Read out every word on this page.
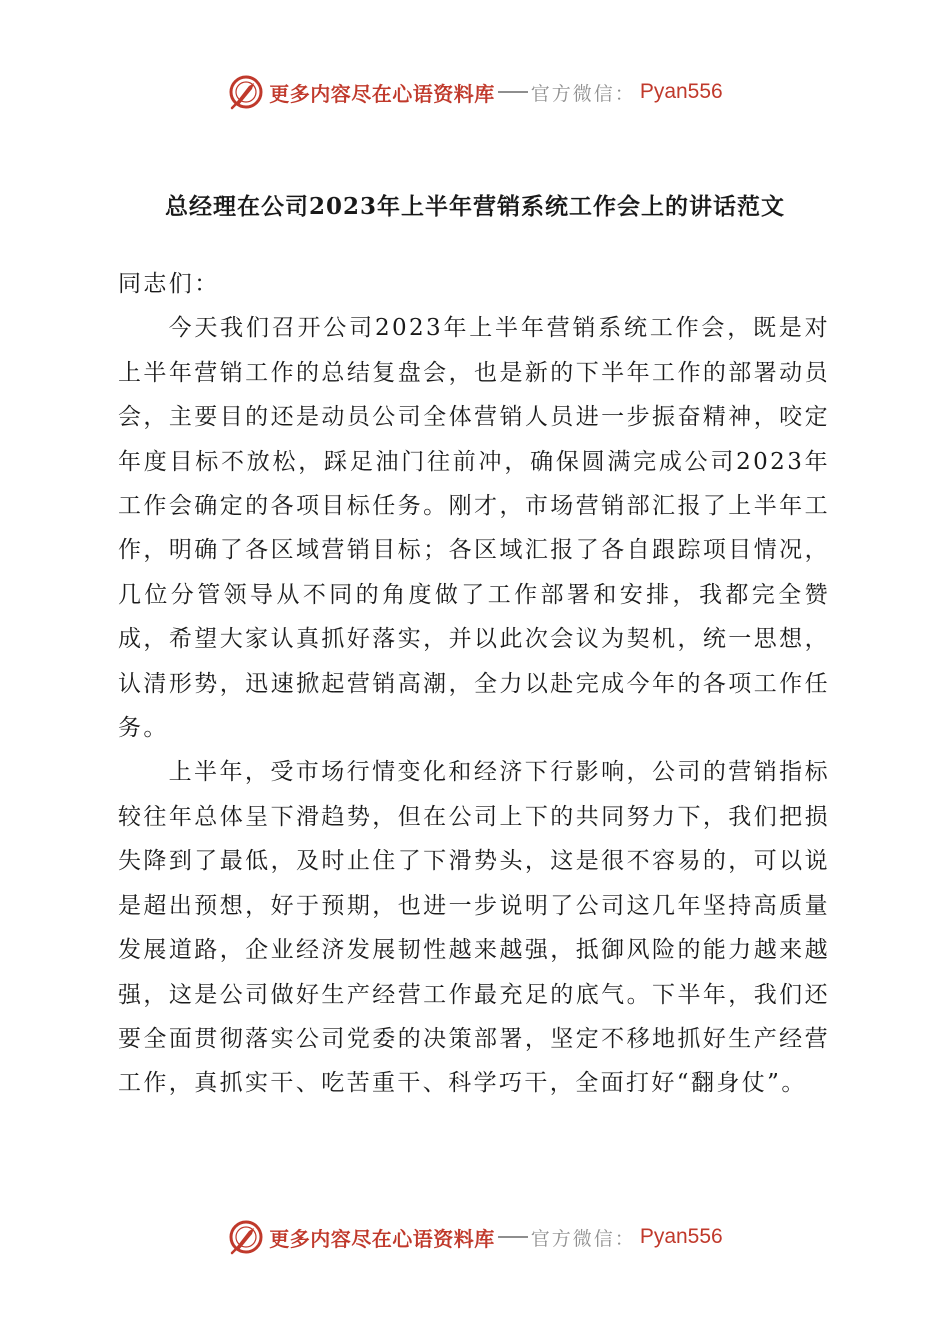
更多内容尽在心语资料库 官方微信 ： Pyan556
总经理在公司2023年上半年营销系统工作会上的讲话范文

同志们：

今天我们召开公司2023年上半年营销系统工作会，既是对上半年营销工作的总结复盘会，也是新的下半年工作的部署动员会，主要目的还是动员公司全体营销人员进一步振奋精神，咬定年度目标不放松，踩足油门往前冲，确保圆满完成公司2023年工作会确定的各项目标任务。刚才，市场营销部汇报了上半年工作，明确了各区域营销目标；各区域汇报了各自跟踪项目情况，几位分管领导从不同的角度做了工作部署和安排，我都完全赞成，希望大家认真抓好落实，并以此次会议为契机，统一思想，认清形势，迅速掀起营销高潮，全力以赴完成今年的各项工作任务。

上半年，受市场行情变化和经济下行影响，公司的营销指标较往年总体呈下滑趋势，但在公司上下的共同努力下，我们把损失降到了最低，及时止住了下滑势头，这是很不容易的，可以说是超出预想，好于预期，也进一步说明了公司这几年坚持高质量发展道路，企业经济发展韧性越来越强，抵御风险的能力越来越强，这是公司做好生产经营工作最充足的底气。下半年，我们还要全面贯彻落实公司党委的决策部署，坚定不移地抓好生产经营工作，真抓实干、吃苦重干、科学巧干，全面打好“翻身仗”。

更多内容尽在心语资料库 官方微信 ： Pyan556
